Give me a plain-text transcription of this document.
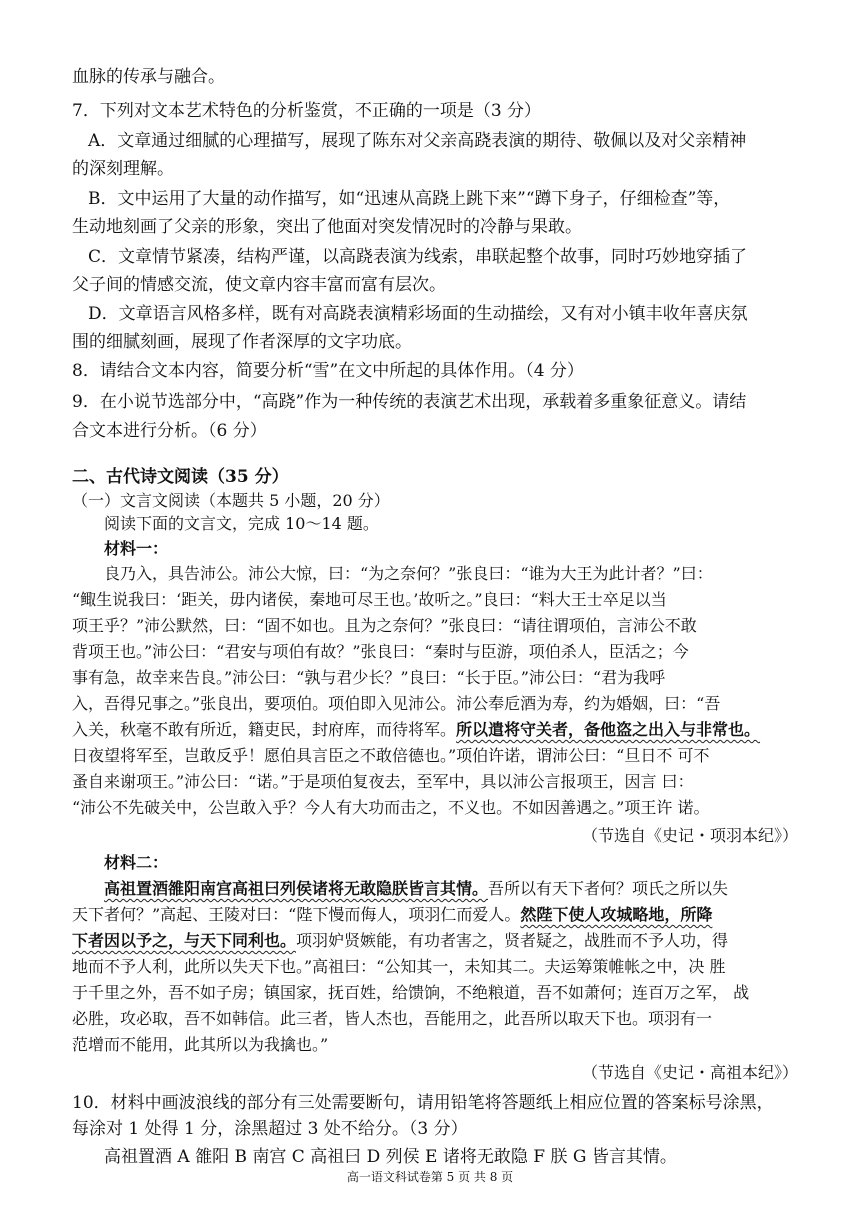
血脉的传承与融合。
7．下列对文本艺术特色的分析鉴赏，不正确的一项是（3 分）
A．文章通过细腻的心理描写，展现了陈东对父亲高跷表演的期待、敬佩以及对父亲精神
的深刻理解。
B．文中运用了大量的动作描写，如“迅速从高跷上跳下来”“蹲下身子，仔细检查”等，
生动地刻画了父亲的形象，突出了他面对突发情况时的冷静与果敢。
C．文章情节紧凑，结构严谨，以高跷表演为线索，串联起整个故事，同时巧妙地穿插了
父子间的情感交流，使文章内容丰富而富有层次。
D．文章语言风格多样，既有对高跷表演精彩场面的生动描绘，又有对小镇丰收年喜庆氛
围的细腻刻画，展现了作者深厚的文字功底。
8．请结合文本内容，简要分析“雪”在文中所起的具体作用。（4 分）
9．在小说节选部分中，“高跷”作为一种传统的表演艺术出现，承载着多重象征意义。请结
合文本进行分析。（6 分）
二、古代诗文阅读（35 分）
（一）文言文阅读（本题共 5 小题，20 分）
阅读下面的文言文，完成 10～14 题。
材料一：
良乃入，具告沛公。沛公大惊，曰：“为之奈何？”张良曰：“谁为大王为此计者？”曰：
“鲰生说我曰：‘距关，毋内诸侯，秦地可尽王也。’故听之。”良曰：“料大王士卒足以当
项王乎？”沛公默然，曰：“固不如也。且为之奈何？”张良曰：“请往谓项伯，言沛公不敢
背项王也。”沛公曰：“君安与项伯有故？”张良曰：“秦时与臣游，项伯杀人，臣活之；今
事有急，故幸来告良。”沛公曰：“孰与君少长？”良曰：“长于臣。”沛公曰：“君为我呼
入，吾得兄事之。”张良出，要项伯。项伯即入见沛公。沛公奉卮酒为寿，约为婚姻，曰：“吾
入关，秋毫不敢有所近，籍吏民，封府库，而待将军。所以遣将守关者，备他盗之出入与非常也。
日夜望将军至，岂敢反乎！愿伯具言臣之不敢倍德也。”项伯许诺，谓沛公曰：“旦日不 可不
蚤自来谢项王。”沛公曰：“诺。”于是项伯复夜去，至军中，具以沛公言报项王，因言 曰：
“沛公不先破关中，公岂敢入乎？今人有大功而击之，不义也。不如因善遇之。”项王许 诺。
（节选自《史记・项羽本纪》）
材料二：
高祖置酒雒阳南宫高祖曰列侯诸将无敢隐朕皆言其情。吾所以有天下者何？项氏之所以失
天下者何？”高起、王陵对曰：“陛下慢而侮人，项羽仁而爱人。然陛下使人攻城略地，所降
下者因以予之，与天下同利也。项羽妒贤嫉能，有功者害之，贤者疑之，战胜而不予人功，得
地而不予人利，此所以失天下也。”高祖曰：“公知其一，未知其二。夫运筹策帷帐之中，决 胜
于千里之外，吾不如子房；镇国家，抚百姓，给馈饷，不绝粮道，吾不如萧何；连百万之军， 战
必胜，攻必取，吾不如韩信。此三者，皆人杰也，吾能用之，此吾所以取天下也。项羽有一
范增而不能用，此其所以为我擒也。”
（节选自《史记・高祖本纪》）
10．材料中画波浪线的部分有三处需要断句，请用铅笔将答题纸上相应位置的答案标号涂黑，
每涂对 1 处得 1 分，涂黑超过 3 处不给分。（3 分）
高祖置酒 A 雒阳 B 南宫 C 高祖曰 D 列侯 E 诸将无敢隐 F 朕 G 皆言其情。
高一语文科试卷第 5 页 共 8 页
